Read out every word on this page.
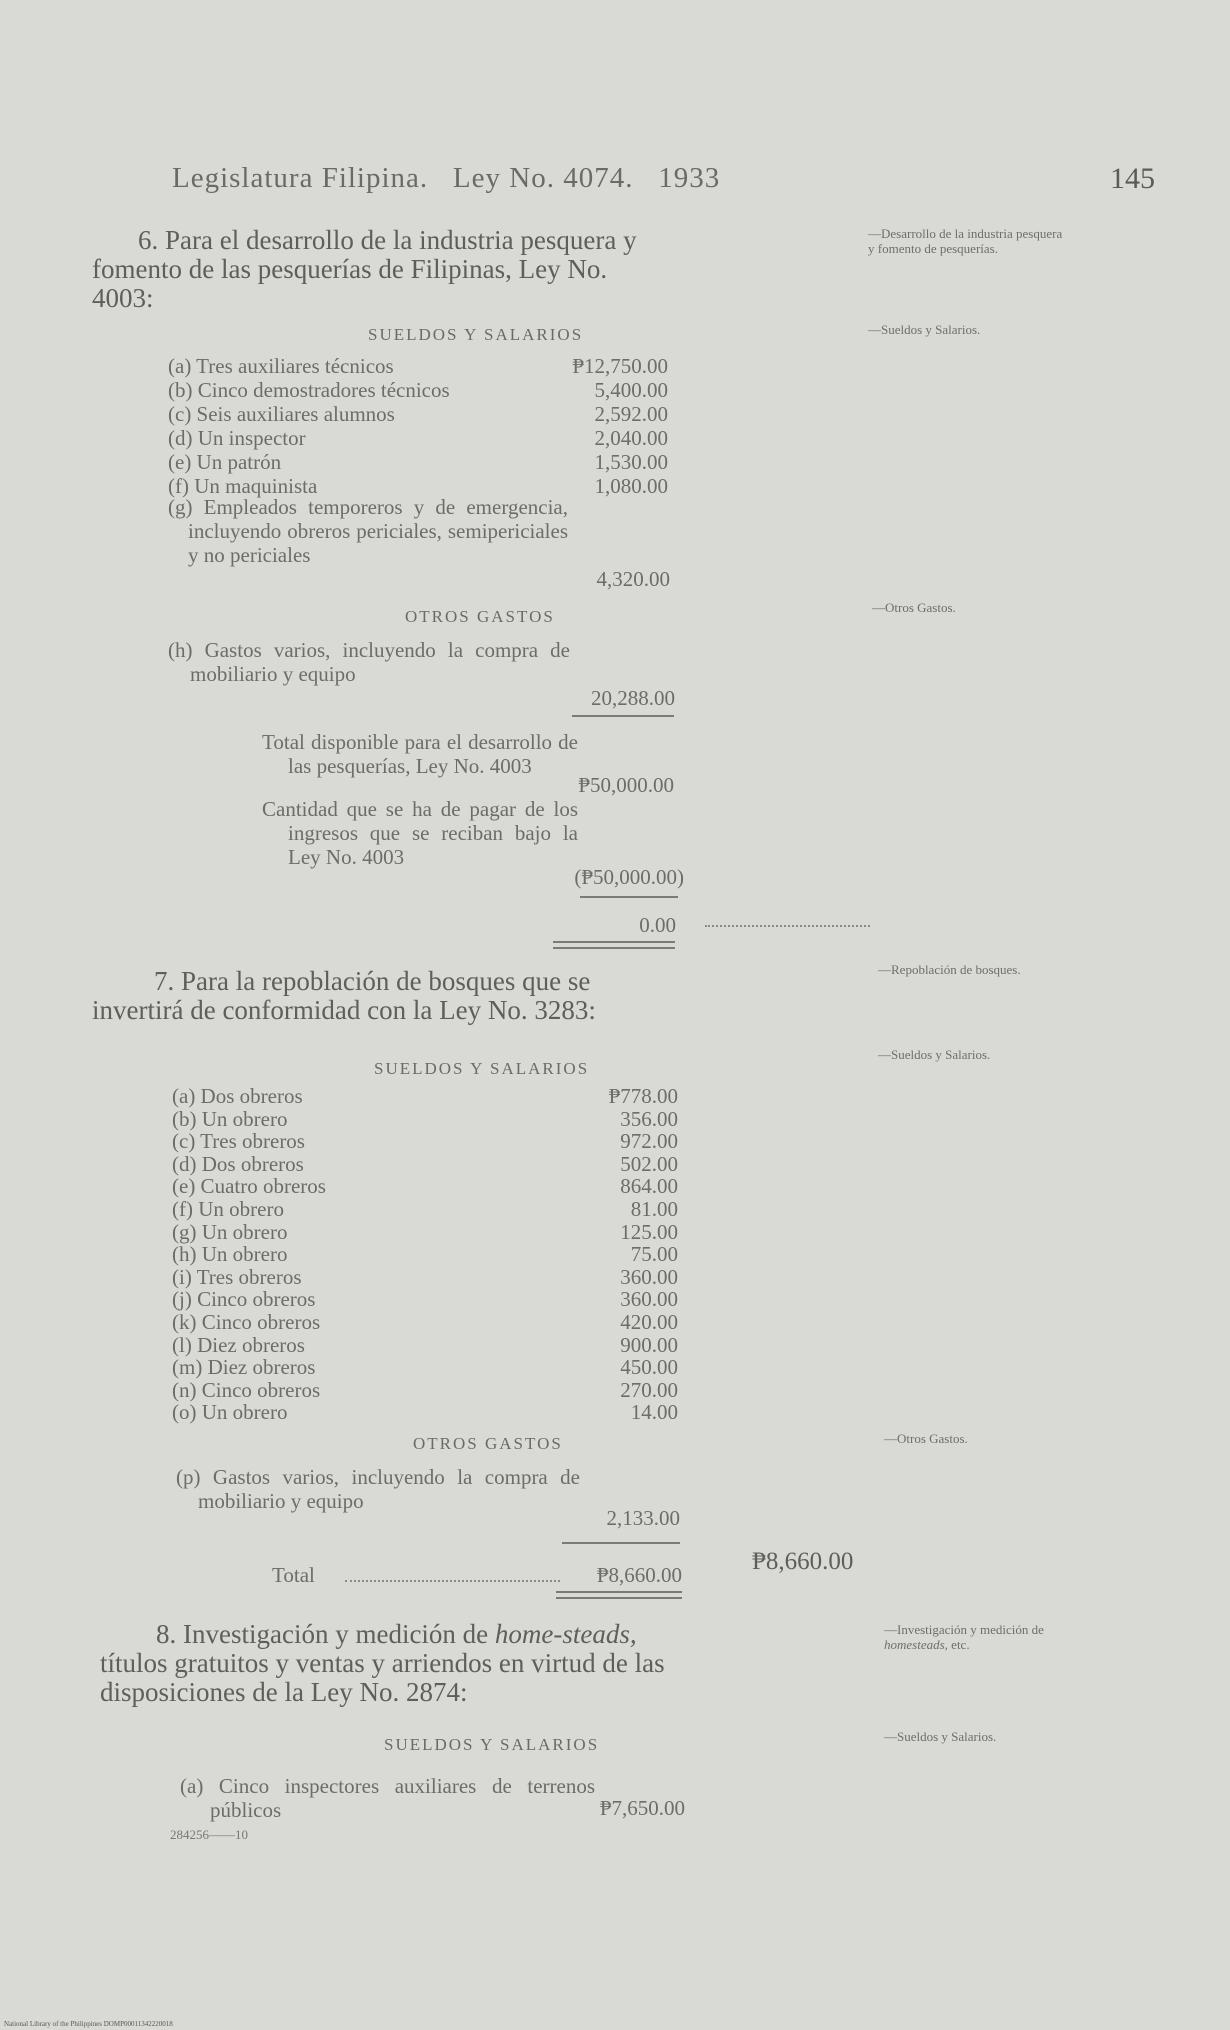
Legislatura Filipina. Ley No. 4074. 1933	145
6. Para el desarrollo de la industria pesquera y fomento de las pesquerías de Filipinas, Ley No. 4003:
—Desarrollo de la industria pesquera y fomento de pesquerías.
SUELDOS Y SALARIOS	—Sueldos y Salarios.
(a) Tres auxiliares técnicos	₱12,750.00
(b) Cinco demostradores técnicos	5,400.00
(c) Seis auxiliares alumnos	2,592.00
(d) Un inspector	2,040.00
(e) Un patrón	1,530.00
(f) Un maquinista	1,080.00
(g) Empleados temporeros y de emergencia, incluyendo obreros periciales, semipericiales y no periciales
4,320.00
OTROS GASTOS	—Otros Gastos.
(h) Gastos varios, incluyendo la compra de mobiliario y equipo
20,288.00
Total disponible para el desarrollo de las pesquerías, Ley No. 4003
₱50,000.00
Cantidad que se ha de pagar de los ingresos que se reciban bajo la Ley No. 4003
(₱50,000.00)
0.00
7. Para la repoblación de bosques que se invertirá de conformidad con la Ley No. 3283:
—Repoblación de bosques.
SUELDOS Y SALARIOS
—Sueldos y Salarios.
(a) Dos obreros	₱778.00
(b) Un obrero	356.00
(c) Tres obreros	972.00
(d) Dos obreros	502.00
(e) Cuatro obreros	864.00
(f) Un obrero	81.00
(g) Un obrero	125.00
(h) Un obrero	75.00
(i) Tres obreros	360.00
(j) Cinco obreros	360.00
(k) Cinco obreros	420.00
(l) Diez obreros	900.00
(m) Diez obreros	450.00
(n) Cinco obreros	270.00
(o) Un obrero	14.00
OTROS GASTOS	—Otros Gastos.
(p) Gastos varios, incluyendo la compra de mobiliario y equipo
2,133.00
Total	₱8,660.00	₱8,660.00
8. Investigación y medición de home-steads, títulos gratuitos y ventas y arriendos en virtud de las disposiciones de la Ley No. 2874:
—Investigación y medición de homesteads, etc.
SUELDOS Y SALARIOS	—Sueldos y Salarios.
(a) Cinco inspectores auxiliares de terrenos públicos	₱7,650.00
284256——10
National Library of the Philippines DOMP00011342220018
